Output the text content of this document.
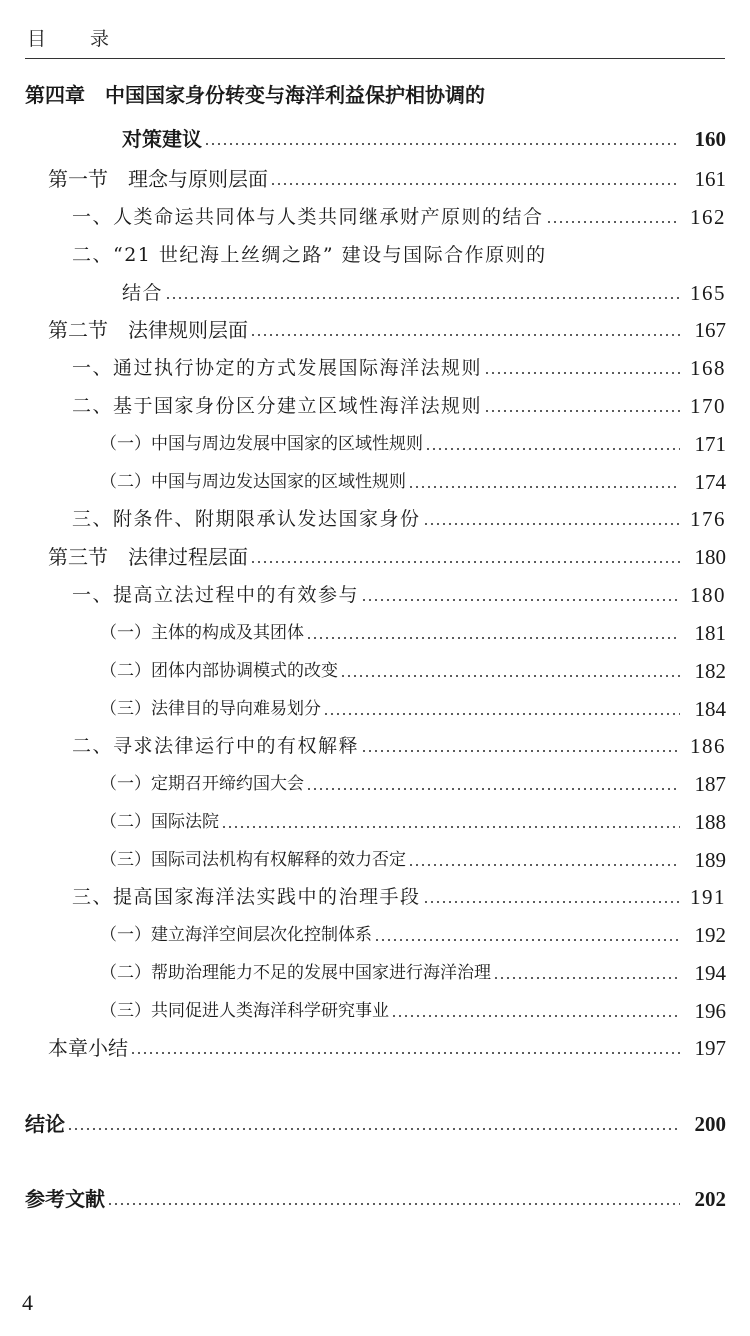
目录
第四章　中国国家身份转变与海洋利益保护相协调的
对策建议	160
第一节　理念与原则层面	161
一、人类命运共同体与人类共同继承财产原则的结合	162
二、“21 世纪海上丝绸之路” 建设与国际合作原则的
结合	165
第二节　法律规则层面	167
一、通过执行协定的方式发展国际海洋法规则	168
二、基于国家身份区分建立区域性海洋法规则	170
（一）中国与周边发展中国家的区域性规则	171
（二）中国与周边发达国家的区域性规则	174
三、附条件、附期限承认发达国家身份	176
第三节　法律过程层面	180
一、提高立法过程中的有效参与	180
（一）主体的构成及其团体	181
（二）团体内部协调模式的改变	182
（三）法律目的导向难易划分	184
二、寻求法律运行中的有权解释	186
（一）定期召开缔约国大会	187
（二）国际法院	188
（三）国际司法机构有权解释的效力否定	189
三、提高国家海洋法实践中的治理手段	191
（一）建立海洋空间层次化控制体系	192
（二）帮助治理能力不足的发展中国家进行海洋治理	194
（三）共同促进人类海洋科学研究事业	196
本章小结	197
结论	200
参考文献	202
4
